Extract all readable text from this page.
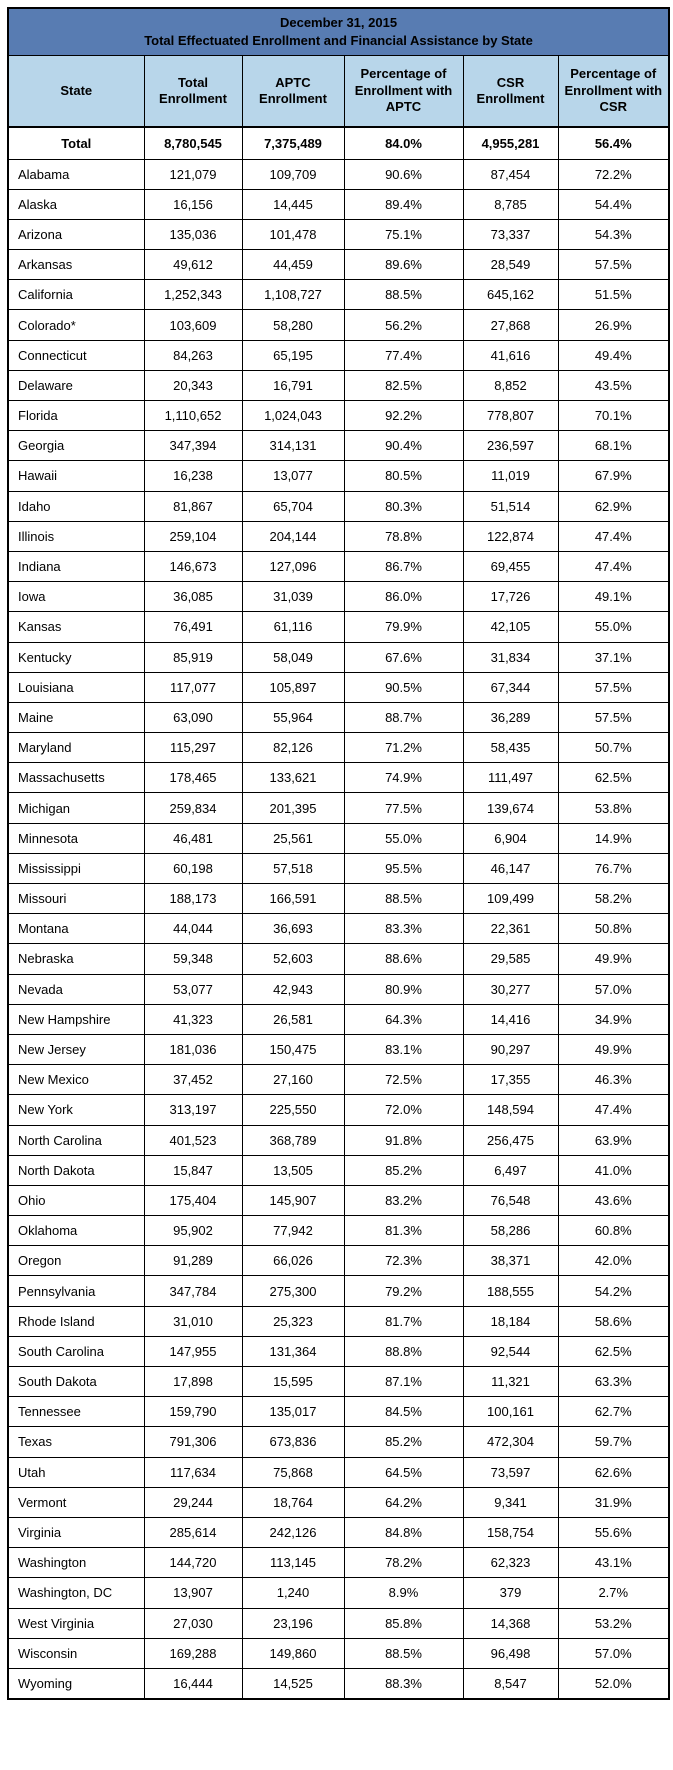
December 31, 2015
Total Effectuated Enrollment and Financial Assistance by State					

State	Total Enrollment	APTC Enrollment	Percentage of Enrollment with APTC	CSR Enrollment	Percentage of Enrollment with CSR
Total	8,780,545	7,375,489	84.0%	4,955,281	56.4%
Alabama	121,079	109,709	90.6%	87,454	72.2%
Alaska	16,156	14,445	89.4%	8,785	54.4%
Arizona	135,036	101,478	75.1%	73,337	54.3%
Arkansas	49,612	44,459	89.6%	28,549	57.5%
California	1,252,343	1,108,727	88.5%	645,162	51.5%
Colorado*	103,609	58,280	56.2%	27,868	26.9%
Connecticut	84,263	65,195	77.4%	41,616	49.4%
Delaware	20,343	16,791	82.5%	8,852	43.5%
Florida	1,110,652	1,024,043	92.2%	778,807	70.1%
Georgia	347,394	314,131	90.4%	236,597	68.1%
Hawaii	16,238	13,077	80.5%	11,019	67.9%
Idaho	81,867	65,704	80.3%	51,514	62.9%
Illinois	259,104	204,144	78.8%	122,874	47.4%
Indiana	146,673	127,096	86.7%	69,455	47.4%
Iowa	36,085	31,039	86.0%	17,726	49.1%
Kansas	76,491	61,116	79.9%	42,105	55.0%
Kentucky	85,919	58,049	67.6%	31,834	37.1%
Louisiana	117,077	105,897	90.5%	67,344	57.5%
Maine	63,090	55,964	88.7%	36,289	57.5%
Maryland	115,297	82,126	71.2%	58,435	50.7%
Massachusetts	178,465	133,621	74.9%	111,497	62.5%
Michigan	259,834	201,395	77.5%	139,674	53.8%
Minnesota	46,481	25,561	55.0%	6,904	14.9%
Mississippi	60,198	57,518	95.5%	46,147	76.7%
Missouri	188,173	166,591	88.5%	109,499	58.2%
Montana	44,044	36,693	83.3%	22,361	50.8%
Nebraska	59,348	52,603	88.6%	29,585	49.9%
Nevada	53,077	42,943	80.9%	30,277	57.0%
New Hampshire	41,323	26,581	64.3%	14,416	34.9%
New Jersey	181,036	150,475	83.1%	90,297	49.9%
New Mexico	37,452	27,160	72.5%	17,355	46.3%
New York	313,197	225,550	72.0%	148,594	47.4%
North Carolina	401,523	368,789	91.8%	256,475	63.9%
North Dakota	15,847	13,505	85.2%	6,497	41.0%
Ohio	175,404	145,907	83.2%	76,548	43.6%
Oklahoma	95,902	77,942	81.3%	58,286	60.8%
Oregon	91,289	66,026	72.3%	38,371	42.0%
Pennsylvania	347,784	275,300	79.2%	188,555	54.2%
Rhode Island	31,010	25,323	81.7%	18,184	58.6%
South Carolina	147,955	131,364	88.8%	92,544	62.5%
South Dakota	17,898	15,595	87.1%	11,321	63.3%
Tennessee	159,790	135,017	84.5%	100,161	62.7%
Texas	791,306	673,836	85.2%	472,304	59.7%
Utah	117,634	75,868	64.5%	73,597	62.6%
Vermont	29,244	18,764	64.2%	9,341	31.9%
Virginia	285,614	242,126	84.8%	158,754	55.6%
Washington	144,720	113,145	78.2%	62,323	43.1%
Washington, DC	13,907	1,240	8.9%	379	2.7%
West Virginia	27,030	23,196	85.8%	14,368	53.2%
Wisconsin	169,288	149,860	88.5%	96,498	57.0%
Wyoming	16,444	14,525	88.3%	8,547	52.0%
